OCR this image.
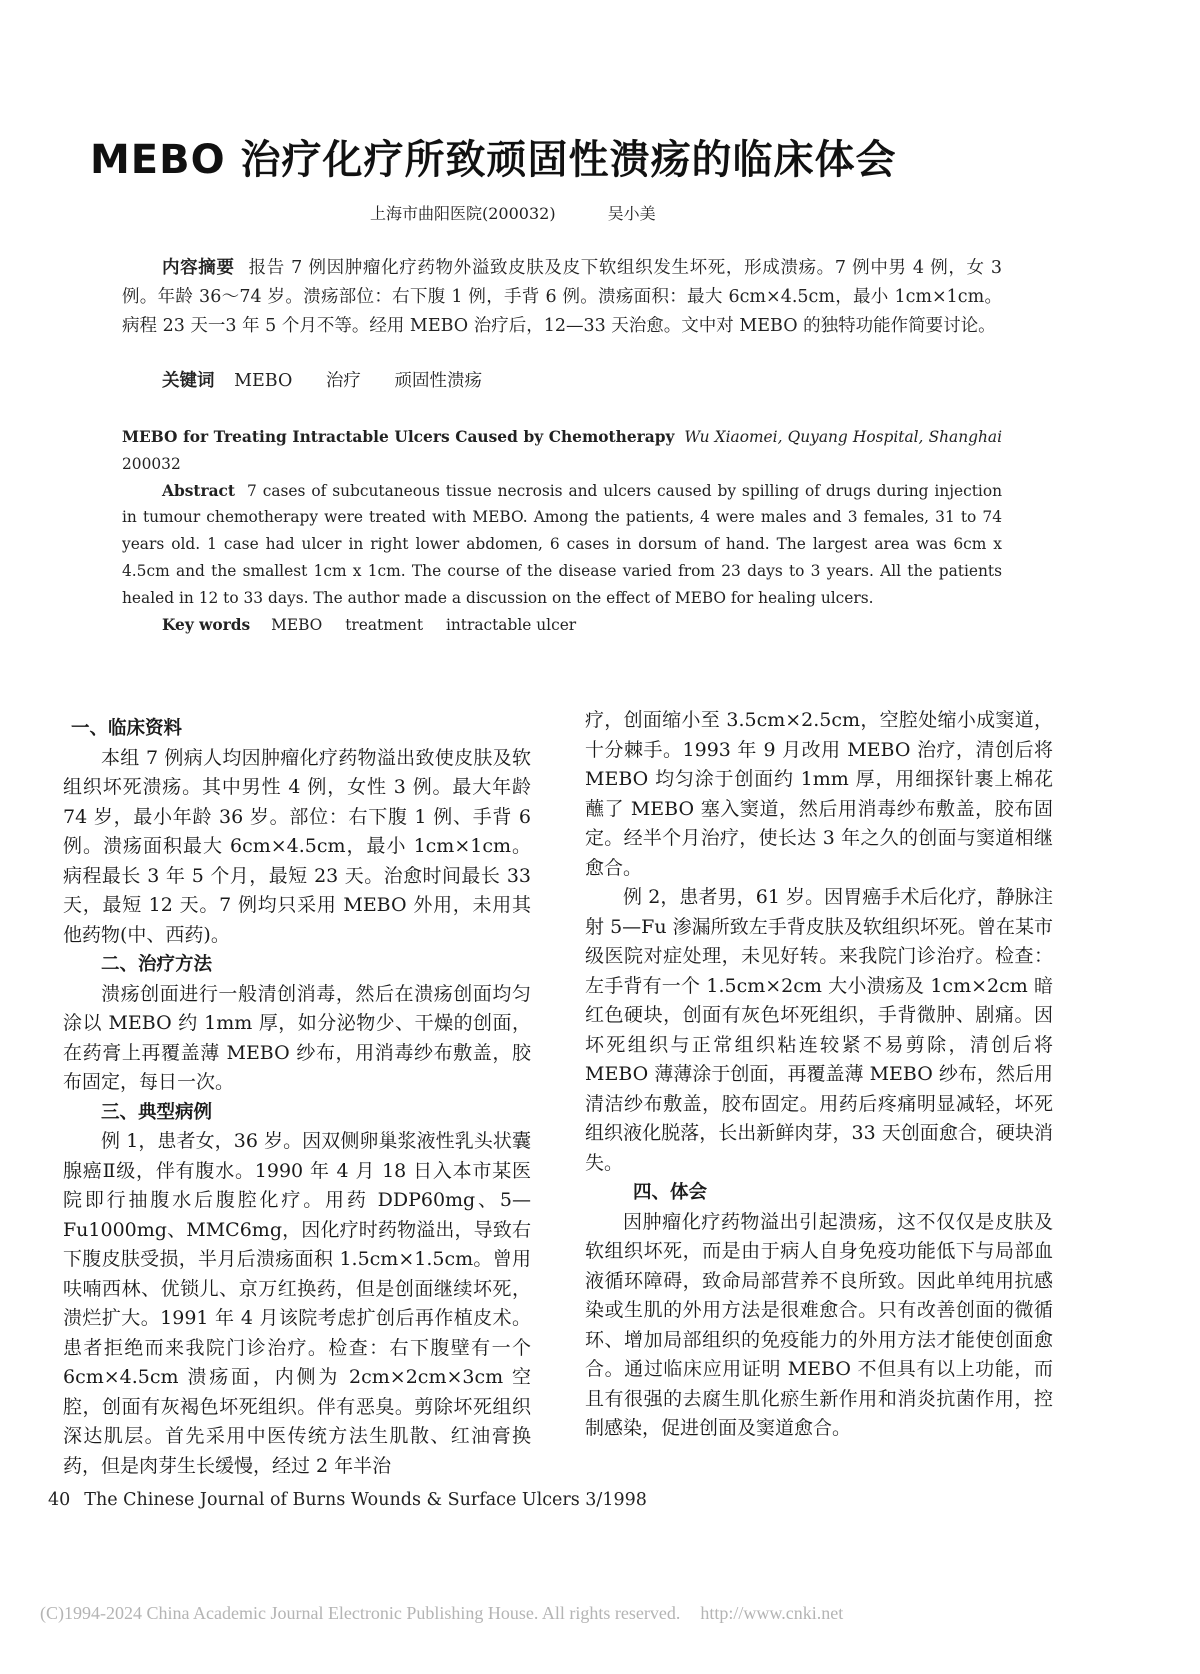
MEBO 治疗化疗所致顽固性溃疡的临床体会
上海市曲阳医院(200032)	吴小美
内容摘要 报告 7 例因肿瘤化疗药物外溢致皮肤及皮下软组织发生坏死，形成溃疡。7 例中男 4 例，女 3 例。年龄 36～74 岁。溃疡部位：右下腹 1 例，手背 6 例。溃疡面积：最大 6cm×4.5cm，最小 1cm×1cm。病程 23 天一3 年 5 个月不等。经用 MEBO 治疗后，12—33 天治愈。文中对 MEBO 的独特功能作简要讨论。
关键词 MEBO 治疗 顽固性溃疡
MEBO for Treating Intractable Ulcers Caused by Chemotherapy Wu Xiaomei, Quyang Hospital, Shanghai 200032

Abstract 7 cases of subcutaneous tissue necrosis and ulcers caused by spilling of drugs during injection in tumour chemotherapy were treated with MEBO. Among the patients, 4 were males and 3 females, 31 to 74 years old. 1 case had ulcer in right lower abdomen, 6 cases in dorsum of hand. The largest area was 6cm x 4.5cm and the smallest 1cm x 1cm. The course of the disease varied from 23 days to 3 years. All the patients healed in 12 to 33 days. The author made a discussion on the effect of MEBO for healing ulcers.

Key words MEBO treatment intractable ulcer
一、临床资料

本组 7 例病人均因肿瘤化疗药物溢出致使皮肤及软组织坏死溃疡。其中男性 4 例，女性 3 例。最大年龄 74 岁，最小年龄 36 岁。部位：右下腹 1 例、手背 6 例。溃疡面积最大 6cm×4.5cm，最小 1cm×1cm。病程最长 3 年 5 个月，最短 23 天。治愈时间最长 33 天，最短 12 天。7 例均只采用 MEBO 外用，未用其他药物(中、西药)。

二、治疗方法

溃疡创面进行一般清创消毒，然后在溃疡创面均匀涂以 MEBO 约 1mm 厚，如分泌物少、干燥的创面，在药膏上再覆盖薄 MEBO 纱布，用消毒纱布敷盖，胶布固定，每日一次。

三、典型病例

例 1，患者女，36 岁。因双侧卵巢浆液性乳头状囊腺癌Ⅱ级，伴有腹水。1990 年 4 月 18 日入本市某医院即行抽腹水后腹腔化疗。用药 DDP60mg、5—Fu1000mg、MMC6mg，因化疗时药物溢出，导致右下腹皮肤受损，半月后溃疡面积 1.5cm×1.5cm。曾用呋喃西林、优锁儿、京万红换药，但是创面继续坏死，溃烂扩大。1991 年 4 月该院考虑扩创后再作植皮术。患者拒绝而来我院门诊治疗。检查：右下腹壁有一个 6cm×4.5cm 溃疡面，内侧为 2cm×2cm×3cm 空腔，创面有灰褐色坏死组织。伴有恶臭。剪除坏死组织深达肌层。首先采用中医传统方法生肌散、红油膏换药，但是肉芽生长缓慢，经过 2 年半治

疗，创面缩小至 3.5cm×2.5cm，空腔处缩小成窦道，十分棘手。1993 年 9 月改用 MEBO 治疗，清创后将 MEBO 均匀涂于创面约 1mm 厚，用细探针裹上棉花蘸了 MEBO 塞入窦道，然后用消毒纱布敷盖，胶布固定。经半个月治疗，使长达 3 年之久的创面与窦道相继愈合。

例 2，患者男，61 岁。因胃癌手术后化疗，静脉注射 5—Fu 渗漏所致左手背皮肤及软组织坏死。曾在某市级医院对症处理，未见好转。来我院门诊治疗。检查：左手背有一个 1.5cm×2cm 大小溃疡及 1cm×2cm 暗红色硬块，创面有灰色坏死组织，手背微肿、剧痛。因坏死组织与正常组织粘连较紧不易剪除，清创后将 MEBO 薄薄涂于创面，再覆盖薄 MEBO 纱布，然后用清洁纱布敷盖，胶布固定。用药后疼痛明显减轻，坏死组织液化脱落，长出新鲜肉芽，33 天创面愈合，硬块消失。

四、体会

因肿瘤化疗药物溢出引起溃疡，这不仅仅是皮肤及软组织坏死，而是由于病人自身免疫功能低下与局部血液循环障碍，致命局部营养不良所致。因此单纯用抗感染或生肌的外用方法是很难愈合。只有改善创面的微循环、增加局部组织的免疫能力的外用方法才能使创面愈合。通过临床应用证明 MEBO 不但具有以上功能，而且有很强的去腐生肌化瘀生新作用和消炎抗菌作用，控制感染，促进创面及窦道愈合。

40 The Chinese Journal of Burns Wounds & Surface Ulcers 3/1998
(C)1994-2024 China Academic Journal Electronic Publishing House. All rights reserved. http://www.cnki.net
